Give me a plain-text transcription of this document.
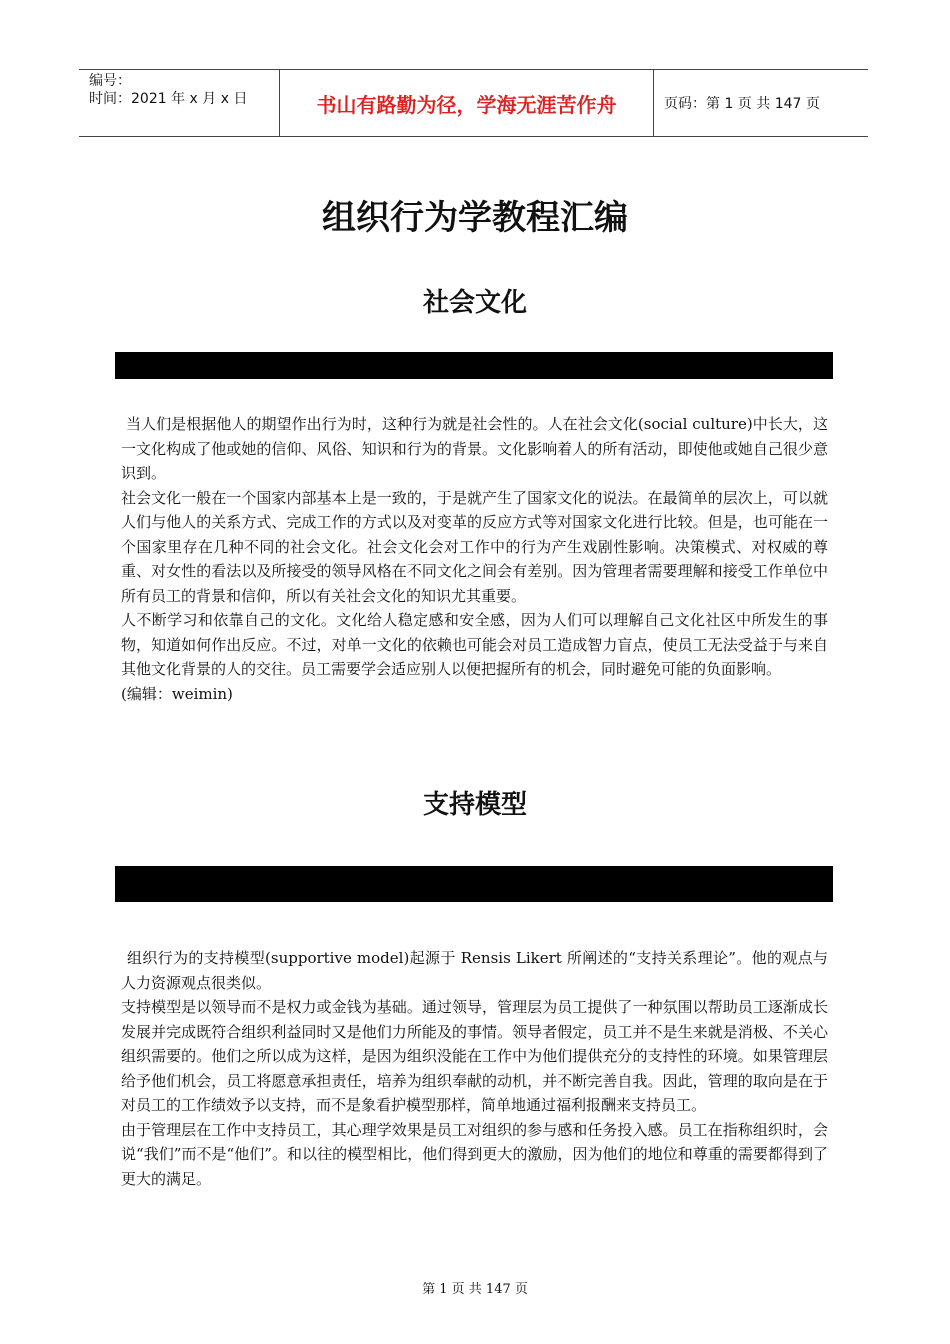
编号：
时间：2021 年 x 月 x 日	书山有路勤为径，学海无涯苦作舟	页码：第 1 页 共 147 页
组织行为学教程汇编
社会文化

当人们是根据他人的期望作出行为时，这种行为就是社会性的。人在社会文化(social culture)中长大，这一文化构成了他或她的信仰、风俗、知识和行为的背景。文化影响着人的所有活动，即使他或她自己很少意识到。

社会文化一般在一个国家内部基本上是一致的，于是就产生了国家文化的说法。在最简单的层次上，可以就人们与他人的关系方式、完成工作的方式以及对变革的反应方式等对国家文化进行比较。但是，也可能在一个国家里存在几种不同的社会文化。社会文化会对工作中的行为产生戏剧性影响。决策模式、对权威的尊重、对女性的看法以及所接受的领导风格在不同文化之间会有差别。因为管理者需要理解和接受工作单位中所有员工的背景和信仰，所以有关社会文化的知识尤其重要。

人不断学习和依靠自己的文化。文化给人稳定感和安全感，因为人们可以理解自己文化社区中所发生的事物，知道如何作出反应。不过，对单一文化的依赖也可能会对员工造成智力盲点，使员工无法受益于与来自其他文化背景的人的交往。员工需要学会适应别人以便把握所有的机会，同时避免可能的负面影响。

(编辑：weimin)

支持模型

组织行为的支持模型(supportive model)起源于 Rensis Likert 所阐述的“支持关系理论”。他的观点与人力资源观点很类似。

支持模型是以领导而不是权力或金钱为基础。通过领导，管理层为员工提供了一种氛围以帮助员工逐渐成长发展并完成既符合组织利益同时又是他们力所能及的事情。领导者假定，员工并不是生来就是消极、不关心组织需要的。他们之所以成为这样，是因为组织没能在工作中为他们提供充分的支持性的环境。如果管理层给予他们机会，员工将愿意承担责任，培养为组织奉献的动机，并不断完善自我。因此，管理的取向是在于对员工的工作绩效予以支持，而不是象看护模型那样，简单地通过福利报酬来支持员工。

由于管理层在工作中支持员工，其心理学效果是员工对组织的参与感和任务投入感。员工在指称组织时，会说“我们”而不是“他们”。和以往的模型相比，他们得到更大的激励，因为他们的地位和尊重的需要都得到了更大的满足。

第 1 页 共 147 页
